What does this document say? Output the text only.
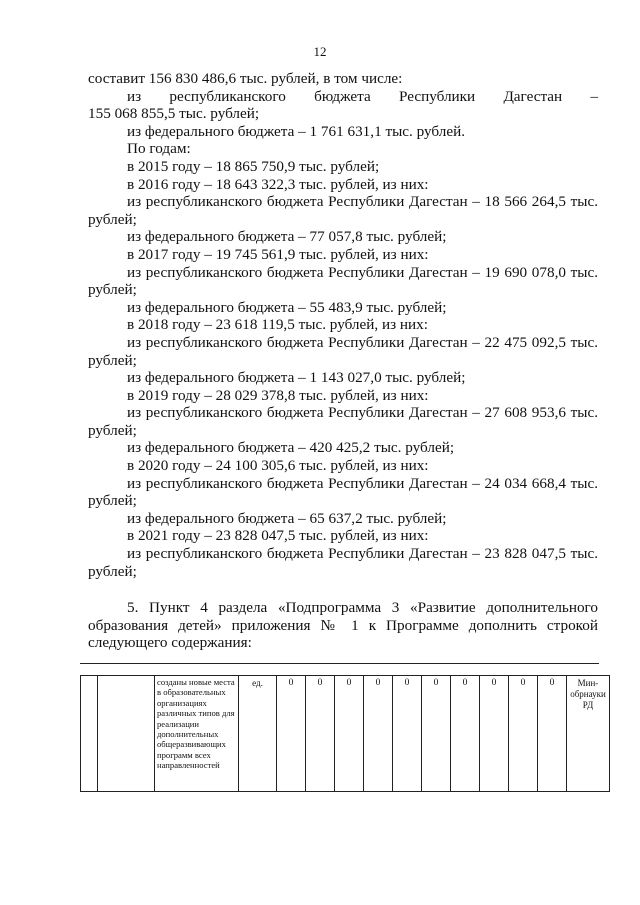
12

составит 156 830 486,6 тыс. рублей, в том числе:

из республиканского бюджета Республики Дагестан –

155 068 855,5 тыс. рублей;

из федерального бюджета – 1 761 631,1 тыс. рублей.

По годам:

в 2015 году – 18 865 750,9 тыс. рублей;

в 2016 году – 18 643 322,3 тыс. рублей, из них:

из республиканского бюджета Республики Дагестан – 18 566 264,5 тыс.

рублей;

из федерального бюджета – 77 057,8 тыс. рублей;

в 2017 году – 19 745 561,9 тыс. рублей, из них:

из республиканского бюджета Республики Дагестан – 19 690 078,0 тыс.

рублей;

из федерального бюджета – 55 483,9 тыс. рублей;

в 2018 году – 23 618 119,5 тыс. рублей, из них:

из республиканского бюджета Республики Дагестан – 22 475 092,5 тыс.

рублей;

из федерального бюджета – 1 143 027,0 тыс. рублей;

в 2019 году – 28 029 378,8 тыс. рублей, из них:

из республиканского бюджета Республики Дагестан – 27 608 953,6 тыс.

рублей;

из федерального бюджета – 420 425,2 тыс. рублей;

в 2020 году – 24 100 305,6 тыс. рублей, из них:

из республиканского бюджета Республики Дагестан – 24 034 668,4 тыс.

рублей;

из федерального бюджета – 65 637,2 тыс. рублей;

в 2021 году – 23 828 047,5 тыс. рублей, из них:

из республиканского бюджета Республики Дагестан – 23 828 047,5 тыс.

рублей;

5. Пункт 4 раздела «Подпрограмма 3 «Развитие дополнительного
образования детей» приложения № 1 к Программе дополнить строкой
следующего содержания:

		созданы новые места в образовательных организациях различных типов для реализации дополнительных общеразвивающих программ всех направленностей	ед.	0	0	0	0	0	0	0	0	0	0	Мин-обрнауки РД
